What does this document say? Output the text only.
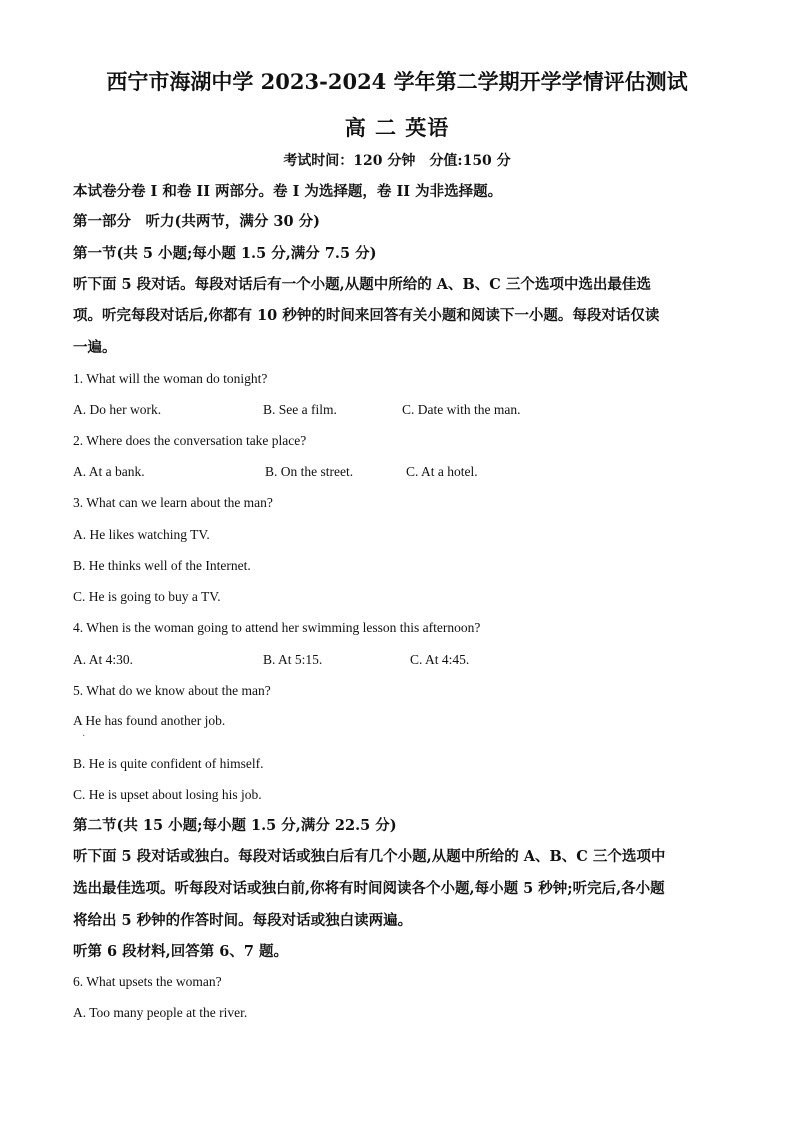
西宁市海湖中学 2023-2024 学年第二学期开学学情评估测试
高 二 英语
考试时间：120 分钟　分值:150 分
本试卷分卷 I 和卷 II 两部分。卷 I 为选择题，卷 II 为非选择题。
第一部分　听力(共两节，满分 30 分)
第一节(共 5 小题;每小题 1.5 分,满分 7.5 分)
听下面 5 段对话。每段对话后有一个小题,从题中所给的 A、B、C 三个选项中选出最佳选
项。听完每段对话后,你都有 10 秒钟的时间来回答有关小题和阅读下一小题。每段对话仅读
一遍。
1. What will the woman do tonight?
A. Do her work.	B. See a film.	C. Date with the man.
2. Where does the conversation take place?
A. At a bank.	B. On the street.	C. At a hotel.
3. What can we learn about the man?
A. He likes watching TV.
B. He thinks well of the Internet.
C. He is going to buy a TV.
4. When is the woman going to attend her swimming lesson this afternoon?
A. At 4:30.	B. At 5:15.	C. At 4:45.
5. What do we know about the man?
A He has found another job.
·
B. He is quite confident of himself.
C. He is upset about losing his job.
第二节(共 15 小题;每小题 1.5 分,满分 22.5 分)
听下面 5 段对话或独白。每段对话或独白后有几个小题,从题中所给的 A、B、C 三个选项中
选出最佳选项。听每段对话或独白前,你将有时间阅读各个小题,每小题 5 秒钟;听完后,各小题
将给出 5 秒钟的作答时间。每段对话或独白读两遍。
听第 6 段材料,回答第 6、7 题。
6. What upsets the woman?
A. Too many people at the river.
